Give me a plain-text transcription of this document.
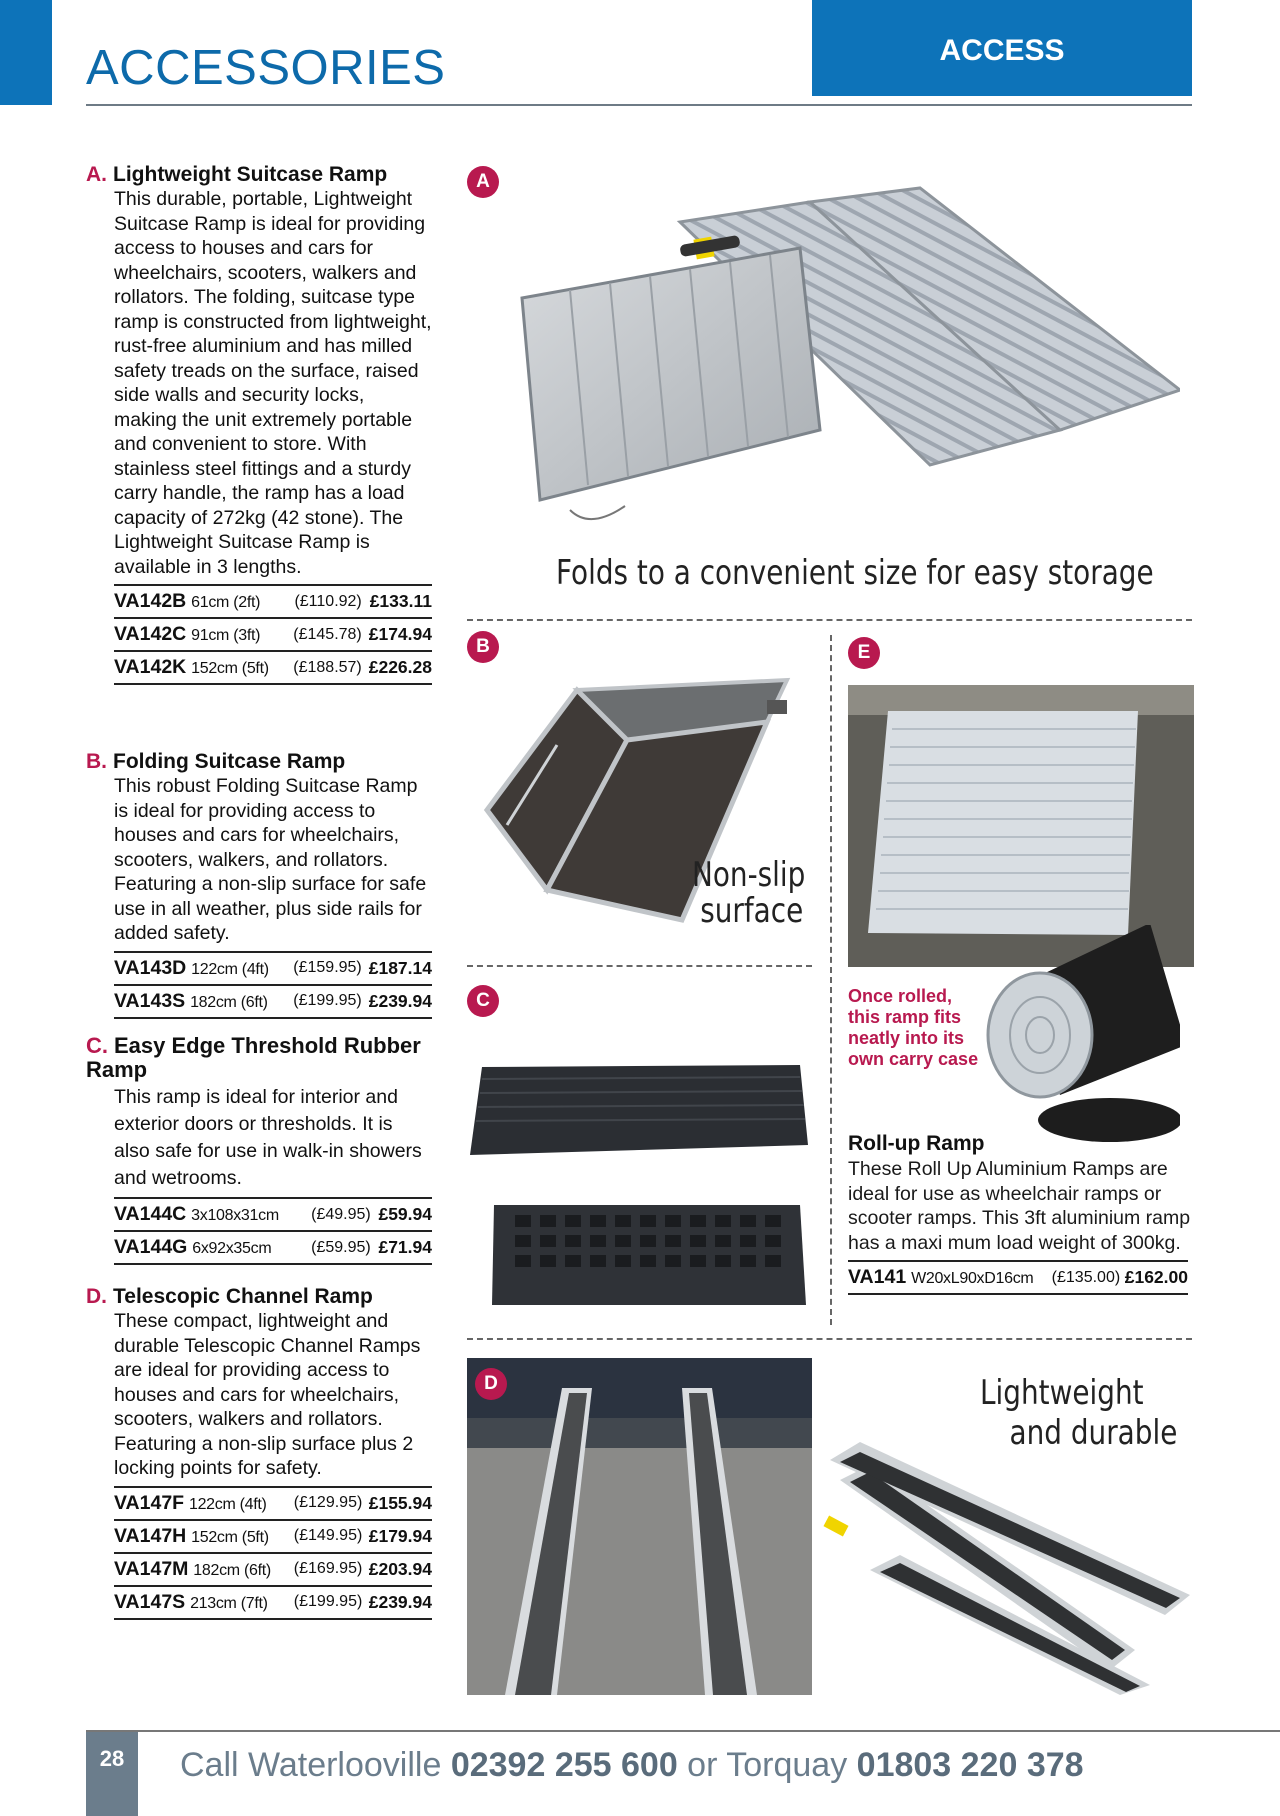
ACCESSORIES	ACCESS
A. Lightweight Suitcase Ramp
This durable, portable, Lightweight Suitcase Ramp is ideal for providing access to houses and cars for wheelchairs, scooters, walkers and rollators. The folding, suitcase type ramp is constructed from lightweight, rust-free aluminium and has milled safety treads on the surface, raised side walls and security locks, making the unit extremely portable and convenient to store. With stainless steel fittings and a sturdy carry handle, the ramp has a load capacity of 272kg (42 stone). The Lightweight Suitcase Ramp is available in 3 lengths.
VA142B 61cm (2ft)	(£110.92)	£133.11
VA142C 91cm (3ft)	(£145.78)	£174.94
VA142K 152cm (5ft)	(£188.57)	£226.28
B. Folding Suitcase Ramp
This robust Folding Suitcase Ramp is ideal for providing access to houses and cars for wheelchairs, scooters, walkers, and rollators. Featuring a non-slip surface for safe use in all weather, plus side rails for added safety.
VA143D 122cm (4ft)	(£159.95)	£187.14
VA143S 182cm (6ft)	(£199.95)	£239.94
C. Easy Edge Threshold Rubber Ramp
This ramp is ideal for interior and exterior doors or thresholds. It is also safe for use in walk-in showers and wetrooms.
VA144C 3x108x31cm	(£49.95)	£59.94
VA144G 6x92x35cm	(£59.95)	£71.94
D. Telescopic Channel Ramp
These compact, lightweight and durable Telescopic Channel Ramps are ideal for providing access to houses and cars for wheelchairs, scooters, walkers and rollators. Featuring a non-slip surface plus 2 locking points for safety.
VA147F 122cm (4ft)	(£129.95)	£155.94
VA147H 152cm (5ft)	(£149.95)	£179.94
VA147M 182cm (6ft)	(£169.95)	£203.94
VA147S 213cm (7ft)	(£199.95)	£239.94
A
Folds to a convenient size for easy storage
B
Non-slip
surface
C
E
Once rolled, this ramp fits neatly into its own carry case
Roll-up Ramp
These Roll Up Aluminium Ramps are ideal for use as wheelchair ramps or scooter ramps. This 3ft aluminium ramp has a maxi mum load weight of 300kg.
VA141 W20xL90xD16cm	(£135.00)	£162.00
D	Lightweight
and durable
28	Call Waterlooville 02392 255 600 or Torquay 01803 220 378
